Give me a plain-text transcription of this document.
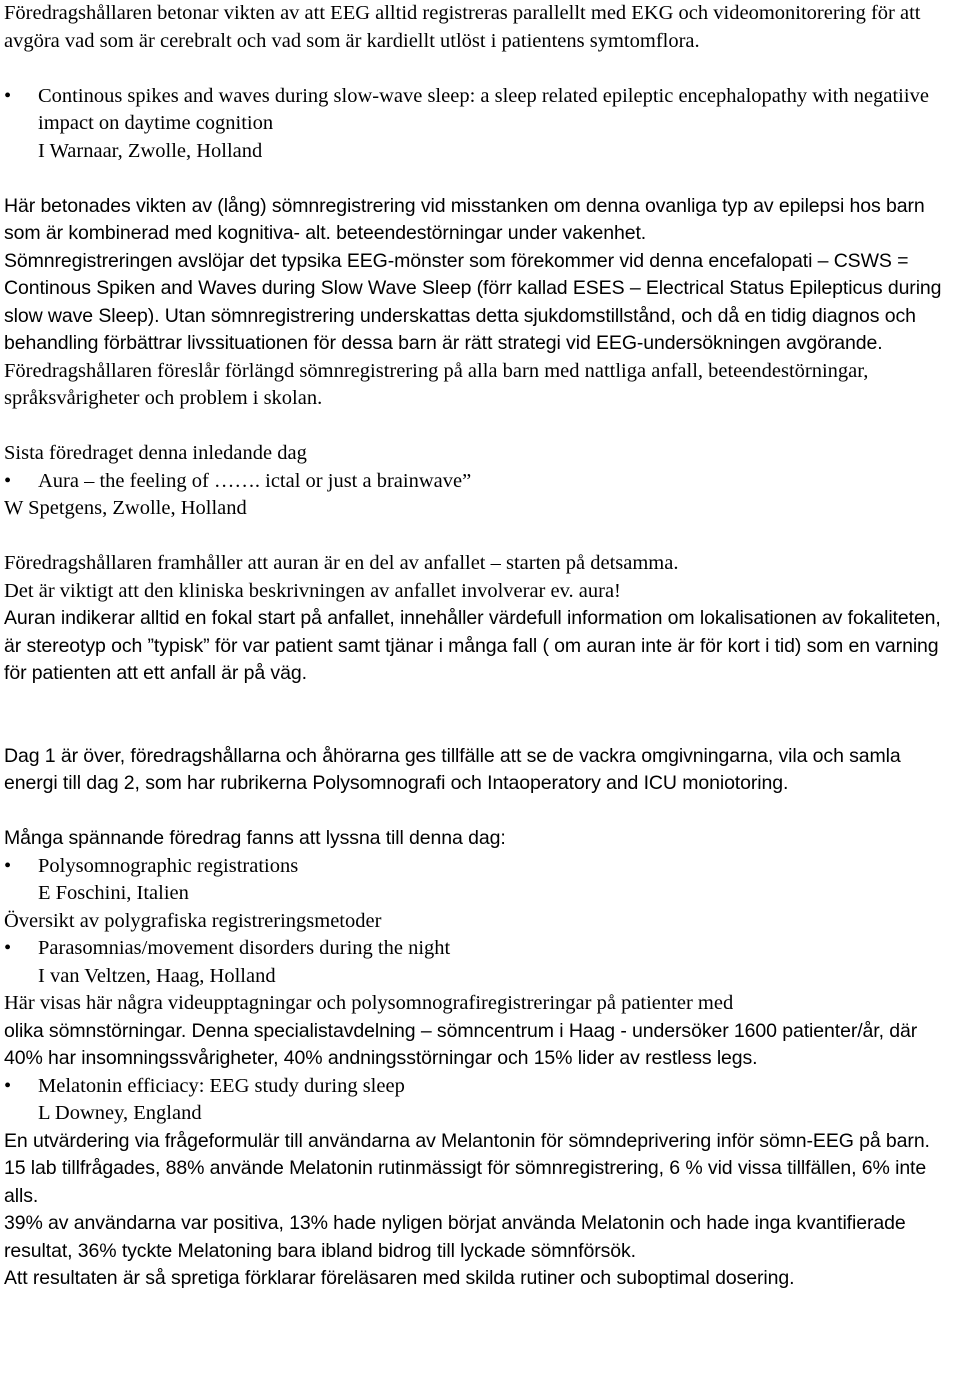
Föredragshållaren betonar vikten av att EEG alltid registreras parallellt med EKG och videomonitorering för att avgöra vad som är cerebralt och vad som är kardiellt utlöst i patientens symtomflora.

• Continous spikes and waves during slow-wave sleep: a sleep related epileptic encephalopathy with negatiive impact on daytime cognition

I Warnaar, Zwolle, Holland

Här betonades vikten av (lång) sömnregistrering vid misstanken om denna ovanliga typ av epilepsi hos barn som är kombinerad med kognitiva- alt. beteendestörningar under vakenhet.

Sömnregistreringen avslöjar det typsika EEG-mönster som förekommer vid denna encefalopati – CSWS = Continous Spiken and Waves during Slow Wave Sleep (förr kallad ESES – Electrical Status Epilepticus during slow wave Sleep). Utan sömnregistrering underskattas detta sjukdomstillstånd, och då en tidig diagnos och behandling förbättrar livssituationen för dessa barn är rätt strategi vid EEG-undersökningen avgörande.

Föredragshållaren föreslår förlängd sömnregistrering på alla barn med nattliga anfall, beteendestörningar, språksvårigheter och problem i skolan.

Sista föredraget denna inledande dag

• Aura – the feeling of ……. ictal or just a brainwave”

W Spetgens, Zwolle, Holland

Föredragshållaren framhåller att auran är en del av anfallet – starten på detsamma.

Det är viktigt att den kliniska beskrivningen av anfallet involverar ev. aura!

Auran indikerar alltid en fokal start på anfallet, innehåller värdefull information om lokalisationen av fokaliteten, är stereotyp och ”typisk” för var patient samt tjänar i många fall ( om auran inte är för kort i tid) som en varning för patienten att ett anfall är på väg.

Dag 1 är över, föredragshållarna och åhörarna ges tillfälle att se de vackra omgivningarna, vila och samla energi till dag 2, som har rubrikerna Polysomnografi och Intaoperatory and ICU moniotoring.

Många spännande föredrag fanns att lyssna till denna dag:

• Polysomnographic registrations

E Foschini, Italien

Översikt av polygrafiska registreringsmetoder

• Parasomnias/movement disorders during the night

I van Veltzen, Haag, Holland

Här visas här några videupptagningar och polysomnografiregistreringar på patienter med

olika sömnstörningar. Denna specialistavdelning – sömncentrum i Haag - undersöker 1600 patienter/år, där 40% har insomningssvårigheter, 40% andningsstörningar och 15% lider av restless legs.

• Melatonin efficiacy: EEG study during sleep

L Downey, England

En utvärdering via frågeformulär till användarna av Melantonin för sömndeprivering inför sömn-EEG på barn. 15 lab tillfrågades, 88% använde Melatonin rutinmässigt för sömnregistrering, 6 % vid vissa tillfällen, 6% inte alls.

39% av användarna var positiva, 13% hade nyligen börjat använda Melatonin och hade inga kvantifierade resultat, 36% tyckte Melatoning bara ibland bidrog till lyckade sömnförsök.

Att resultaten är så spretiga förklarar föreläsaren med skilda rutiner och suboptimal dosering.
